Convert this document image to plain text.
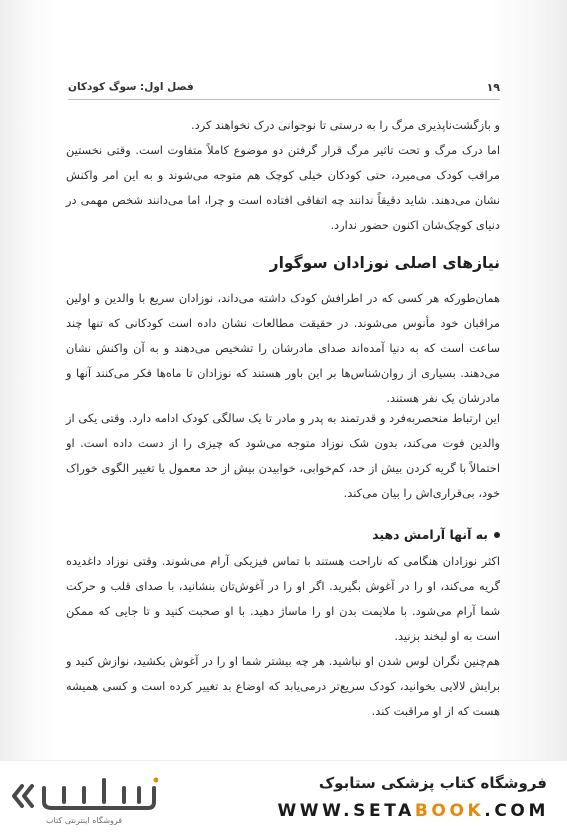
فصل اول: سوگ کودکان	۱۹

و بازگشت‌ناپذیری مرگ را به درستی تا نوجوانی درک نخواهند کرد.

اما درک مرگ و تحت تاثیر مرگ قرار گرفتن دو موضوع کاملاً متفاوت است. وقتی نخستین مراقب کودک می‌میرد، حتی کودکان خیلی کوچک هم متوجه می‌شوند و به این امر واکنش نشان می‌دهند. شاید دقیقاً ندانند چه اتفاقی افتاده است و چرا، اما می‌دانند شخص مهمی در دنیای کوچک‌شان اکنون حضور ندارد.

نیازهای اصلی نوزادان سوگوار

همان‌طورکه هر کسی که در اطرافش کودک داشته می‌داند، نوزادان سریع با والدین و اولین مراقبان خود مأنوس می‌شوند. در حقیقت مطالعات نشان داده است کودکانی که تنها چند ساعت است که به دنیا آمده‌اند صدای مادرشان را تشخیص می‌دهند و به آن واکنش نشان می‌دهند. بسیاری از روان‌شناس‌ها بر این باور هستند که نوزادان تا ماه‌ها فکر می‌کنند آنها و مادرشان یک نفر هستند.

این ارتباط منحصربه‌فرد و قدرتمند به پدر و مادر تا یک سالگی کودک ادامه دارد. وقتی یکی از والدین فوت می‌کند، بدون شک نوزاد متوجه می‌شود که چیزی را از دست داده است. او احتمالاً با گریه کردن بیش از حد، کم‌خوابی، خوابیدن بیش از حد معمول یا تغییر الگوی خوراک خود، بی‌قراری‌اش را بیان می‌کند.

به آنها آرامش دهید

اکثر نوزادان هنگامی که ناراحت هستند با تماس فیزیکی آرام می‌شوند. وقتی نوزاد داغدیده گریه می‌کند، او را در آغوش بگیرید. اگر او را در آغوش‌تان بنشانید، با صدای قلب و حرکت شما آرام می‌شود. با ملایمت بدن او را ماساژ دهید. با او صحبت کنید و تا جایی که ممکن است به او لبخند بزنید.

هم‌چنین نگران لوس شدن او نباشید. هر چه بیشتر شما او را در آغوش بکشید، نوازش کنید و برایش لالایی بخوانید، کودک سریع‌تر درمی‌یابد که اوضاع بد تغییر کرده است و کسی همیشه هست که از او مراقبت کند.

فروشگاه اینترنتی کتاب
فروشگاه کتاب پزشکی ستابوک
WWW.SETABOOK.COM
